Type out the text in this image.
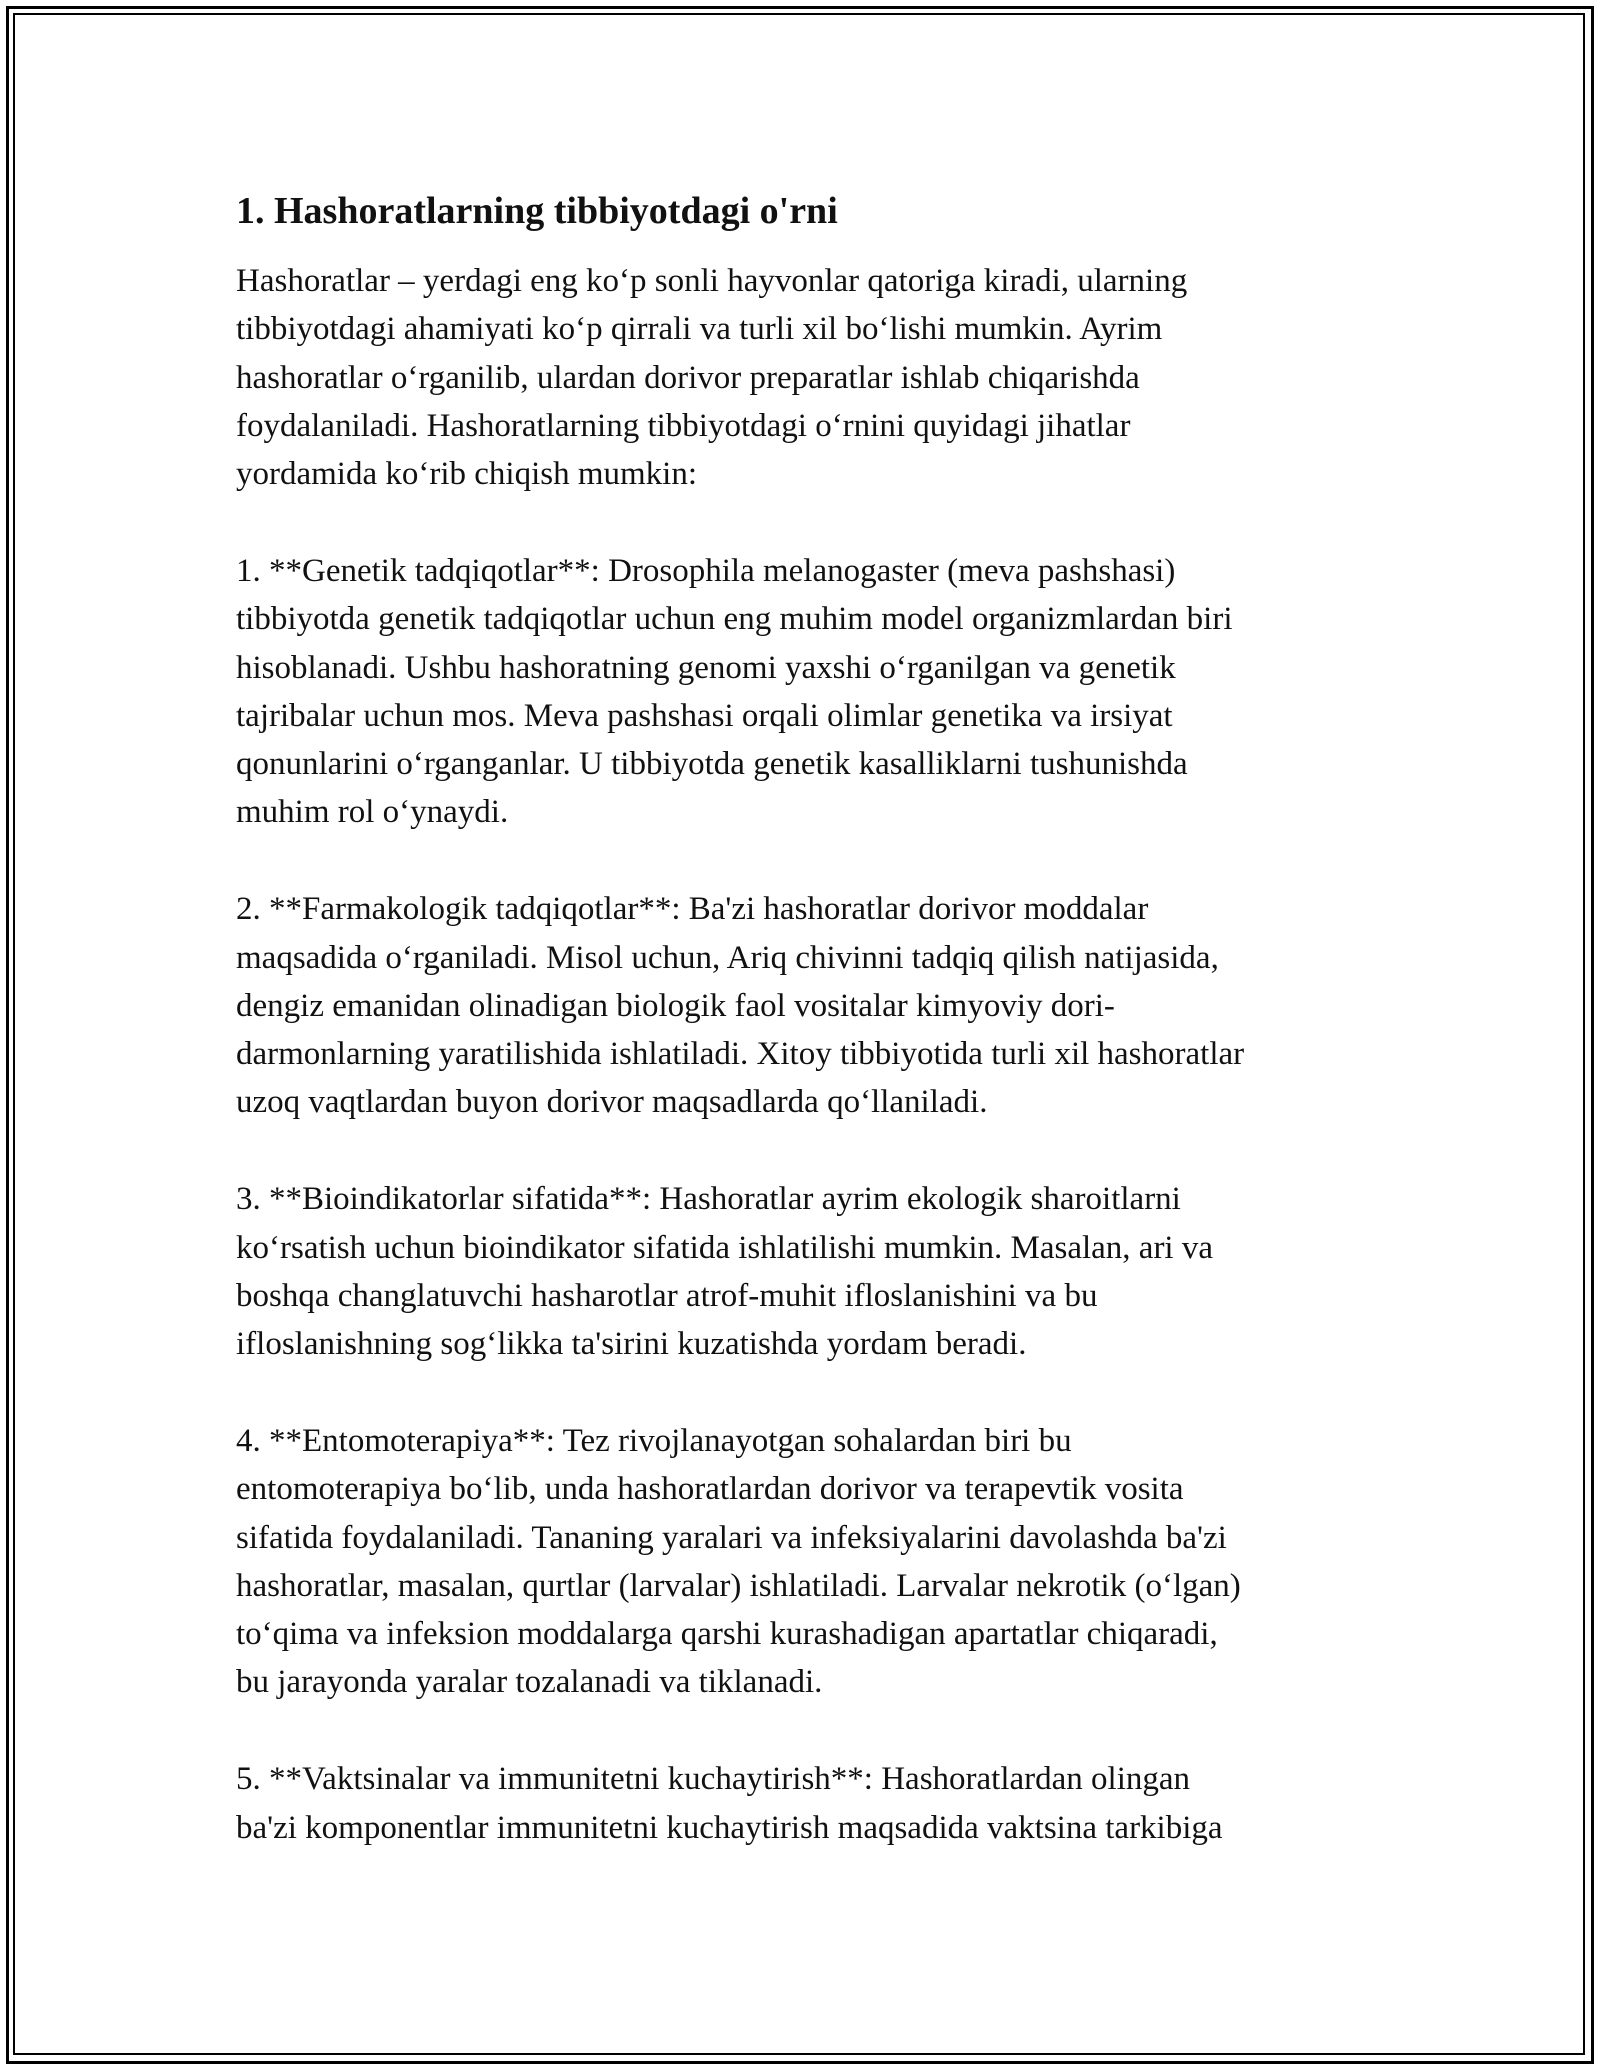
1. Hashoratlarning tibbiyotdagi o'rni

Hashoratlar – yerdagi eng ko‘p sonli hayvonlar qatoriga kiradi, ularning
tibbiyotdagi ahamiyati ko‘p qirrali va turli xil bo‘lishi mumkin. Ayrim
hashoratlar o‘rganilib, ulardan dorivor preparatlar ishlab chiqarishda
foydalaniladi. Hashoratlarning tibbiyotdagi o‘rnini quyidagi jihatlar
yordamida ko‘rib chiqish mumkin:

1. **Genetik tadqiqotlar**: Drosophila melanogaster (meva pashshasi)
tibbiyotda genetik tadqiqotlar uchun eng muhim model organizmlardan biri
hisoblanadi. Ushbu hashoratning genomi yaxshi o‘rganilgan va genetik
tajribalar uchun mos. Meva pashshasi orqali olimlar genetika va irsiyat
qonunlarini o‘rganganlar. U tibbiyotda genetik kasalliklarni tushunishda
muhim rol o‘ynaydi.

2. **Farmakologik tadqiqotlar**: Ba'zi hashoratlar dorivor moddalar
maqsadida o‘rganiladi. Misol uchun, Ariq chivinni tadqiq qilish natijasida,
dengiz emanidan olinadigan biologik faol vositalar kimyoviy dori-
darmonlarning yaratilishida ishlatiladi. Xitoy tibbiyotida turli xil hashoratlar
uzoq vaqtlardan buyon dorivor maqsadlarda qo‘llaniladi.

3. **Bioindikatorlar sifatida**: Hashoratlar ayrim ekologik sharoitlarni
ko‘rsatish uchun bioindikator sifatida ishlatilishi mumkin. Masalan, ari va
boshqa changlatuvchi hasharotlar atrof-muhit ifloslanishini va bu
ifloslanishning sog‘likka ta'sirini kuzatishda yordam beradi.

4. **Entomoterapiya**: Tez rivojlanayotgan sohalardan biri bu
entomoterapiya bo‘lib, unda hashoratlardan dorivor va terapevtik vosita
sifatida foydalaniladi. Tananing yaralari va infeksiyalarini davolashda ba'zi
hashoratlar, masalan, qurtlar (larvalar) ishlatiladi. Larvalar nekrotik (o‘lgan)
to‘qima va infeksion moddalarga qarshi kurashadigan apartatlar chiqaradi,
bu jarayonda yaralar tozalanadi va tiklanadi.

5. **Vaktsinalar va immunitetni kuchaytirish**: Hashoratlardan olingan
ba'zi komponentlar immunitetni kuchaytirish maqsadida vaktsina tarkibiga
